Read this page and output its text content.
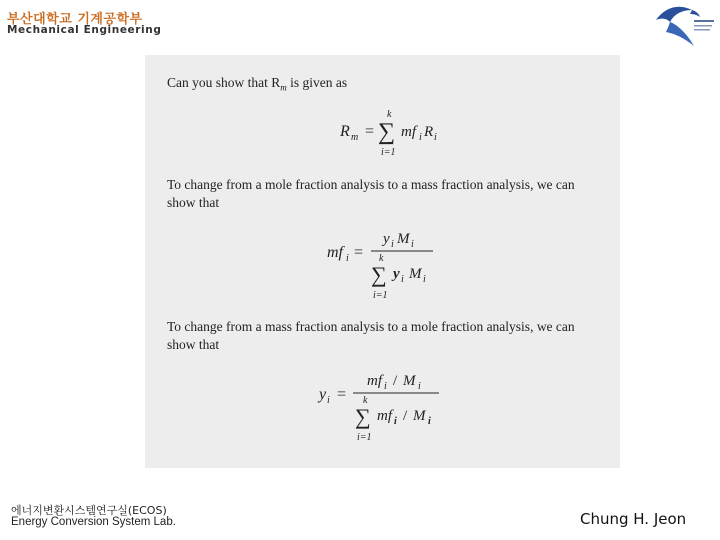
부산대학교 기계공학부
Mechanical Engineering
Can you show that $R_m$ is given as
R m =
k
∑
i=1
mf i R i
To change from a mole fraction analysis to a mass fraction analysis, we can
show that
mf i =
y i M i
k
∑
i=1
y i M i
To change from a mass fraction analysis to a mole fraction analysis, we can
show that
y i =
mf i / M i
k
∑
i=1
mf i / M i
에너지변환시스템연구실(ECOS)
Energy Conversion System Lab.	Chung H. Jeon
